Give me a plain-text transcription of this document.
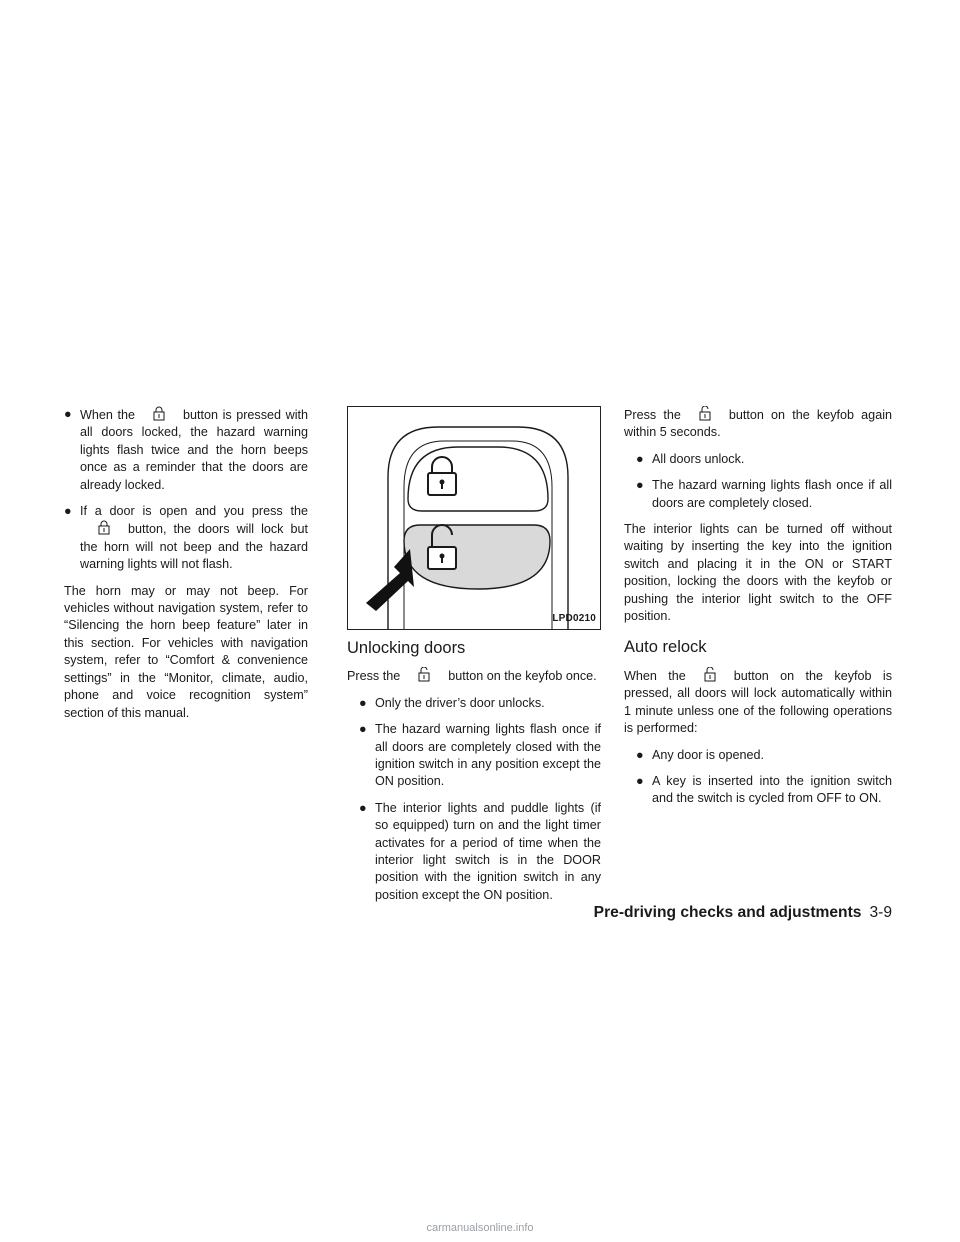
● When the	button is pressed with all doors locked, the hazard warning lights flash twice and the horn beeps once as a reminder that the doors are already locked.
● If a door is open and you press the
button, the doors will lock but the horn will not beep and the hazard warning lights will not flash.

The horn may or may not beep. For vehicles without navigation system, refer to “Silencing the horn beep feature” later in this section. For vehicles with navigation system, refer to “Comfort & convenience settings” in the “Monitor, climate, audio, phone and voice recognition system” section of this manual.

LPD0210
Unlocking doors

Press the	button on the keyfob once.

● Only the driver’s door unlocks.
● The hazard warning lights flash once if all doors are completely closed with the ignition switch in any position except the ON position.
● The interior lights and puddle lights (if so equipped) turn on and the light timer activates for a period of time when the interior light switch is in the DOOR position with the ignition switch in any position except the ON position.

Press the	button on the keyfob again within 5 seconds.

● All doors unlock.
● The hazard warning lights flash once if all doors are completely closed.

The interior lights can be turned off without waiting by inserting the key into the ignition switch and placing it in the ON or START position, locking the doors with the keyfob or pushing the interior light switch to the OFF position.

Auto relock

When the	button on the keyfob is pressed, all doors will lock automatically within 1 minute unless one of the following operations is performed:

● Any door is opened.
● A key is inserted into the ignition switch and the switch is cycled from OFF to ON.
Pre-driving checks and adjustments 3-9
carmanualsonline.info
